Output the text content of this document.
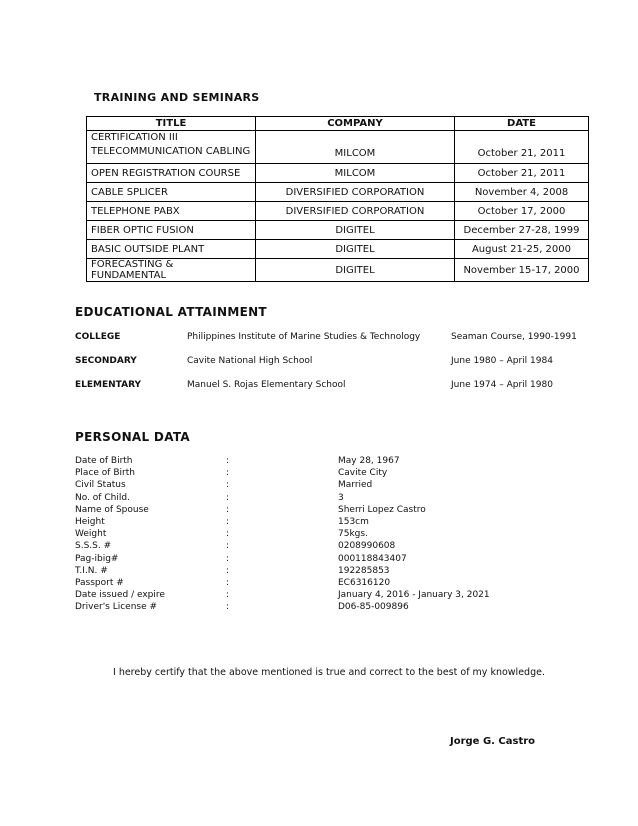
TRAINING AND SEMINARS
TITLE	COMPANY	DATE
CERTIFICATION III
TELECOMMUNICATION CABLING	MILCOM	October 21, 2011
OPEN REGISTRATION COURSE	MILCOM	October 21, 2011
CABLE SPLICER	DIVERSIFIED CORPORATION	November 4, 2008
TELEPHONE PABX	DIVERSIFIED CORPORATION	October 17, 2000
FIBER OPTIC FUSION	DIGITEL	December 27-28, 1999
BASIC OUTSIDE PLANT	DIGITEL	August 21-25, 2000
FORECASTING & FUNDAMENTAL	DIGITEL	November 15-17, 2000
EDUCATIONAL ATTAINMENT
COLLEGE	Philippines Institute of Marine Studies & Technology	Seaman Course, 1990-1991
SECONDARY	Cavite National High School	June 1980 – April 1984
ELEMENTARY	Manuel S. Rojas Elementary School	June 1974 – April 1980
PERSONAL DATA
Date of Birth	:	May 28, 1967
Place of Birth	:	Cavite City
Civil Status	:	Married
No. of Child.	:	3
Name of Spouse	:	Sherri Lopez Castro
Height	:	153cm
Weight	:	75kgs.
S.S.S. #	:	0208990608
Pag-ibig#	:	000118843407
T.I.N. #	:	192285853
Passport #	:	EC6316120
Date issued / expire	:	January 4, 2016 - January 3, 2021
Driver's License #	:	D06-85-009896
I hereby certify that the above mentioned is true and correct to the best of my knowledge.
Jorge G. Castro
